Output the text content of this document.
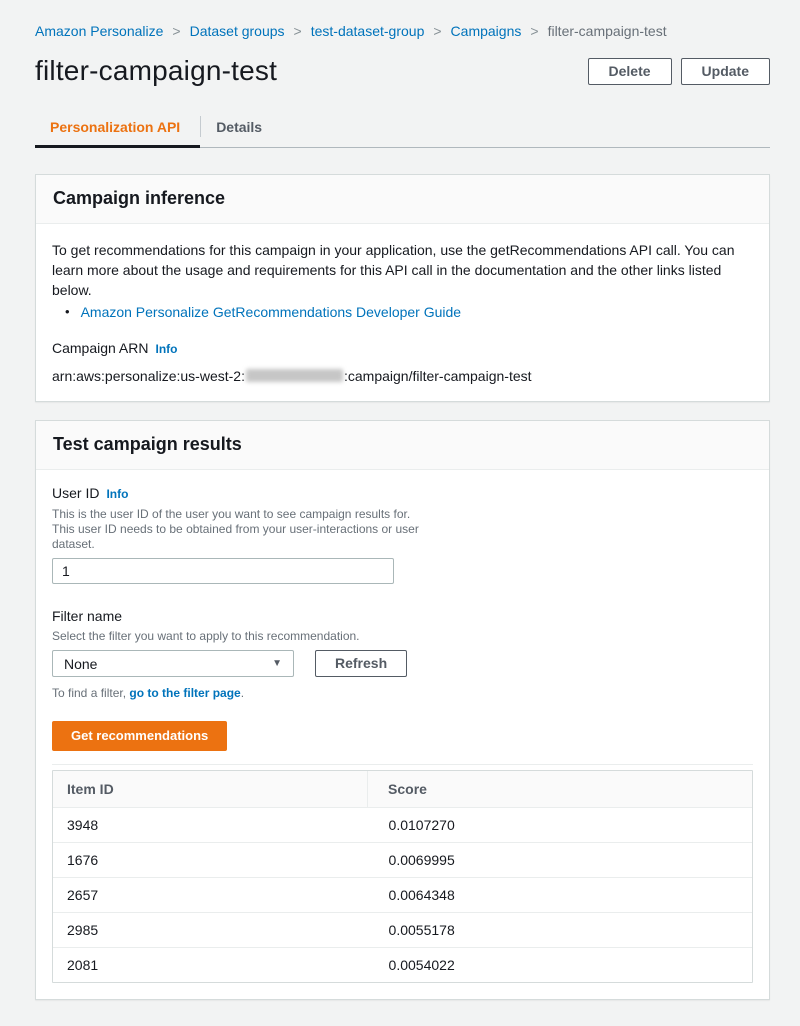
Amazon Personalize > Dataset groups > test-dataset-group > Campaigns > filter-campaign-test
filter-campaign-test	Delete	Update
Personalization API	Details
Campaign inference

To get recommendations for this campaign in your application, use the getRecommendations API call. You can learn more about the usage and requirements for this API call in the documentation and the other links listed below.

• Amazon Personalize GetRecommendations Developer Guide
Campaign ARN Info
arn:aws:personalize:us-west-2:	:campaign/filter-campaign-test
Test campaign results
User ID Info
This is the user ID of the user you want to see campaign results for. This user ID needs to be obtained from your user-interactions or user dataset.
1
Filter name
Select the filter you want to apply to this recommendation.
None	▼	Refresh
To find a filter, go to the filter page.
Get recommendations
Item ID	Score
3948	0.0107270
1676	0.0069995
2657	0.0064348
2985	0.0055178
2081	0.0054022
